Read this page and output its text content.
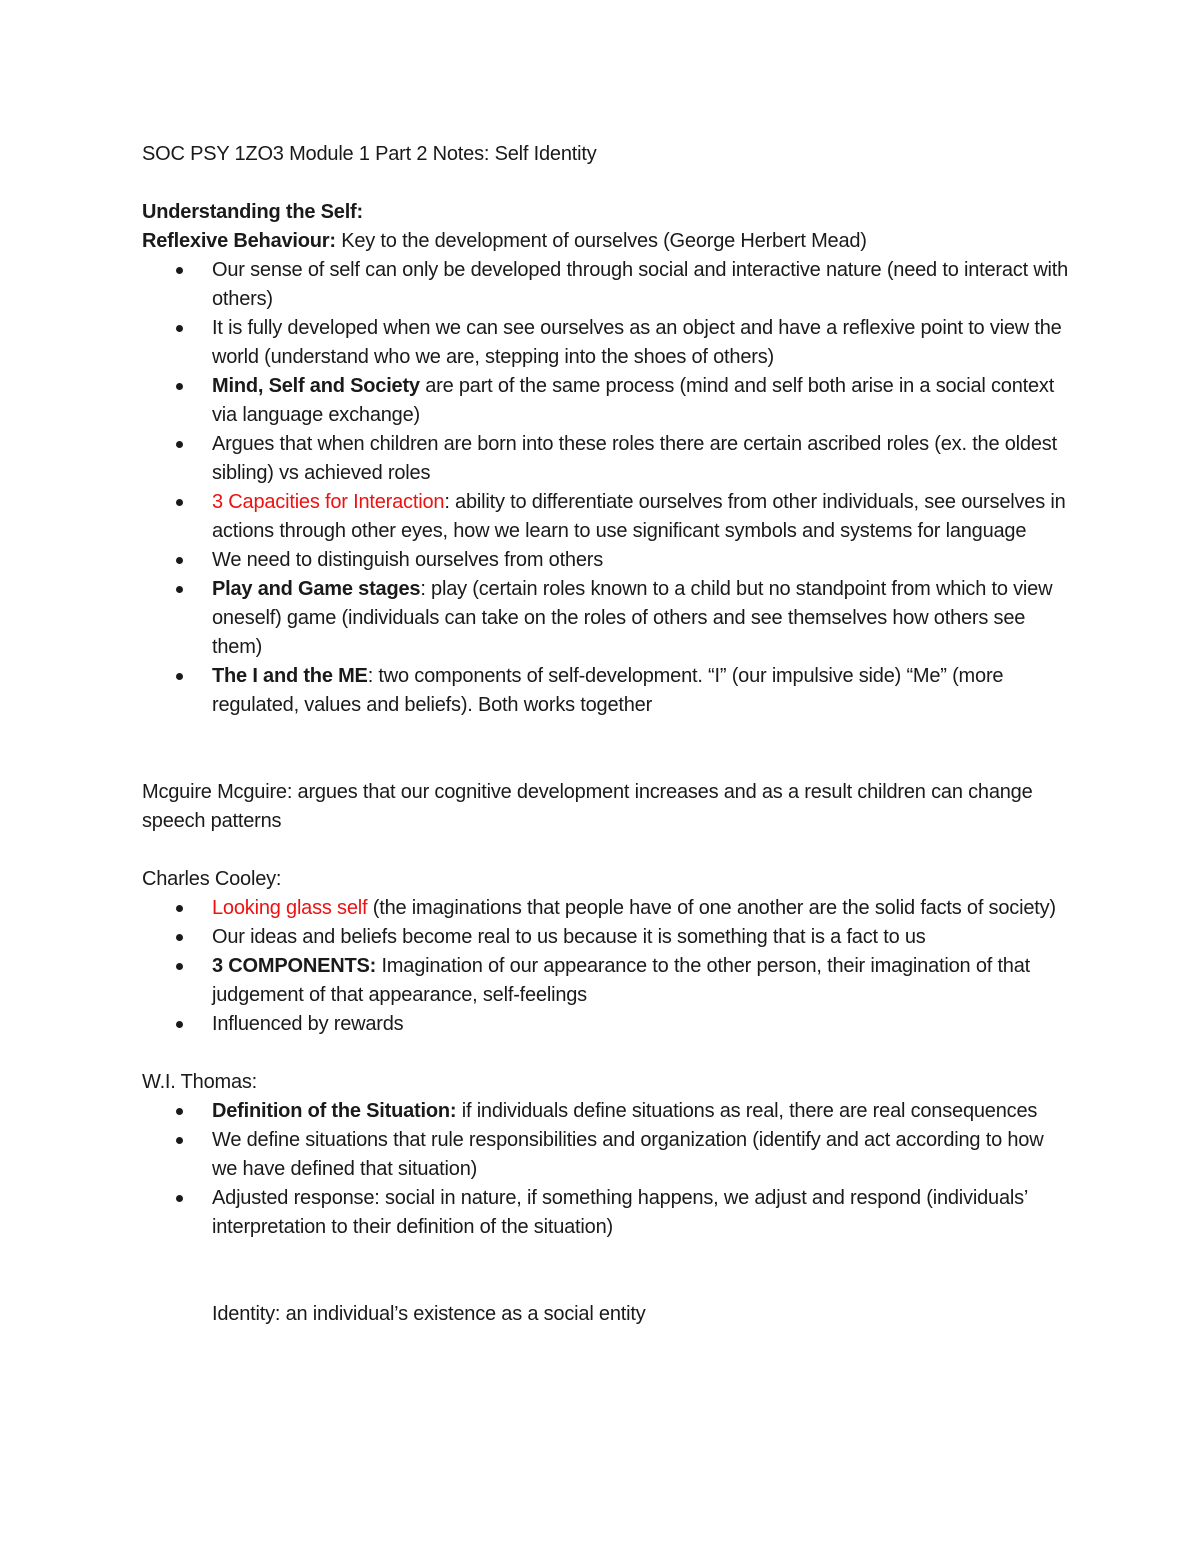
SOC PSY 1ZO3 Module 1 Part 2 Notes: Self Identity

Understanding the Self:

Reflexive Behaviour: Key to the development of ourselves (George Herbert Mead)

Our sense of self can only be developed through social and interactive nature (need to interact with others)
It is fully developed when we can see ourselves as an object and have a reflexive point to view the world (understand who we are, stepping into the shoes of others)
Mind, Self and Society are part of the same process (mind and self both arise in a social context via language exchange)
Argues that when children are born into these roles there are certain ascribed roles (ex. the oldest sibling) vs achieved roles
3 Capacities for Interaction: ability to differentiate ourselves from other individuals, see ourselves in actions through other eyes, how we learn to use significant symbols and systems for language
We need to distinguish ourselves from others
Play and Game stages: play (certain roles known to a child but no standpoint from which to view oneself) game (individuals can take on the roles of others and see themselves how others see them)
The I and the ME: two components of self-development. “I” (our impulsive side) “Me” (more regulated, values and beliefs). Both works together

Mcguire Mcguire: argues that our cognitive development increases and as a result children can change speech patterns

Charles Cooley:

Looking glass self (the imaginations that people have of one another are the solid facts of society)
Our ideas and beliefs become real to us because it is something that is a fact to us
3 COMPONENTS: Imagination of our appearance to the other person, their imagination of that judgement of that appearance, self-feelings
Influenced by rewards

W.I. Thomas:

Definition of the Situation: if individuals define situations as real, there are real consequences
We define situations that rule responsibilities and organization (identify and act according to how we have defined that situation)
Adjusted response: social in nature, if something happens, we adjust and respond (individuals’ interpretation to their definition of the situation)

Identity: an individual’s existence as a social entity
